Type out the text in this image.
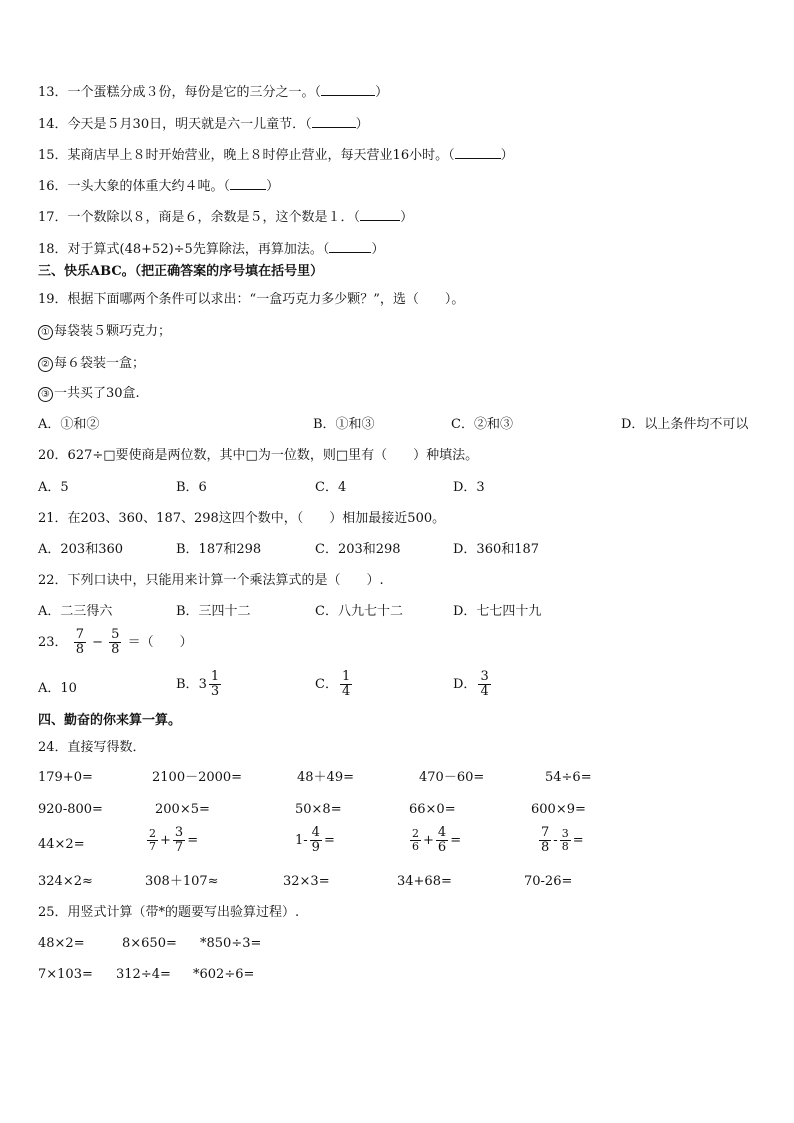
13．一个蛋糕分成３份，每份是它的三分之一。（	）
14．今天是５月30日，明天就是六一儿童节．（	）
15．某商店早上８时开始营业，晚上８时停止营业，每天营业16小时。（	）
16．一头大象的体重大约４吨。（	）
17．一个数除以８，商是６，余数是５，这个数是１．（	）
18．对于算式(48+52)÷5先算除法，再算加法。（	）
三、快乐ABC。（把正确答案的序号填在括号里）
19．根据下面哪两个条件可以求出：“一盒巧克力多少颗？”，选（　　）。
① 每袋装５颗巧克力；
② 每６袋装一盒；
③ 一共买了30盒.
A．①和②	B．①和③	C．②和③	D．以上条件均不可以
20．627÷□要使商是两位数，其中□为一位数，则□里有（　　）种填法。
A．5	B．6	C．4	D．3
21．在203、360、187、298这四个数中，（　　）相加最接近500。
A．203和360	B．187和298	C．203和298	D．360和187
22．下列口诀中，只能用来计算一个乘法算式的是（　　）.
A．二三得六	B．三四十二	C．八九七十二	D．七七四十九
23． $\frac{7}{8} - \frac{5}{8}$ ＝（　　）
A．10	B．$3 \frac{1}{3}$	C． $\frac{1}{4}$	D． $\frac{3}{4}$
四、勤奋的你来算一算。
24．直接写得数．
179+0=	2100－2000=	48＋49=	470－60=	54÷6=
920-800=	200×5=	50×8=	66×0=	600×9=
44×2=	$\frac{2}{7} + \frac{3}{7}$ =	$1- \frac{4}{9}$ =	$\frac{2}{6} + \frac{4}{6}$ =	$\frac{7}{8} - \frac{3}{8}$ =
324×2≈	308＋107≈	32×3=	34+68=	70-26=
25．用竖式计算（带*的题要写出验算过程）.
48×2=	8×650= *850÷3=
7×103= 312÷4= *602÷6=
